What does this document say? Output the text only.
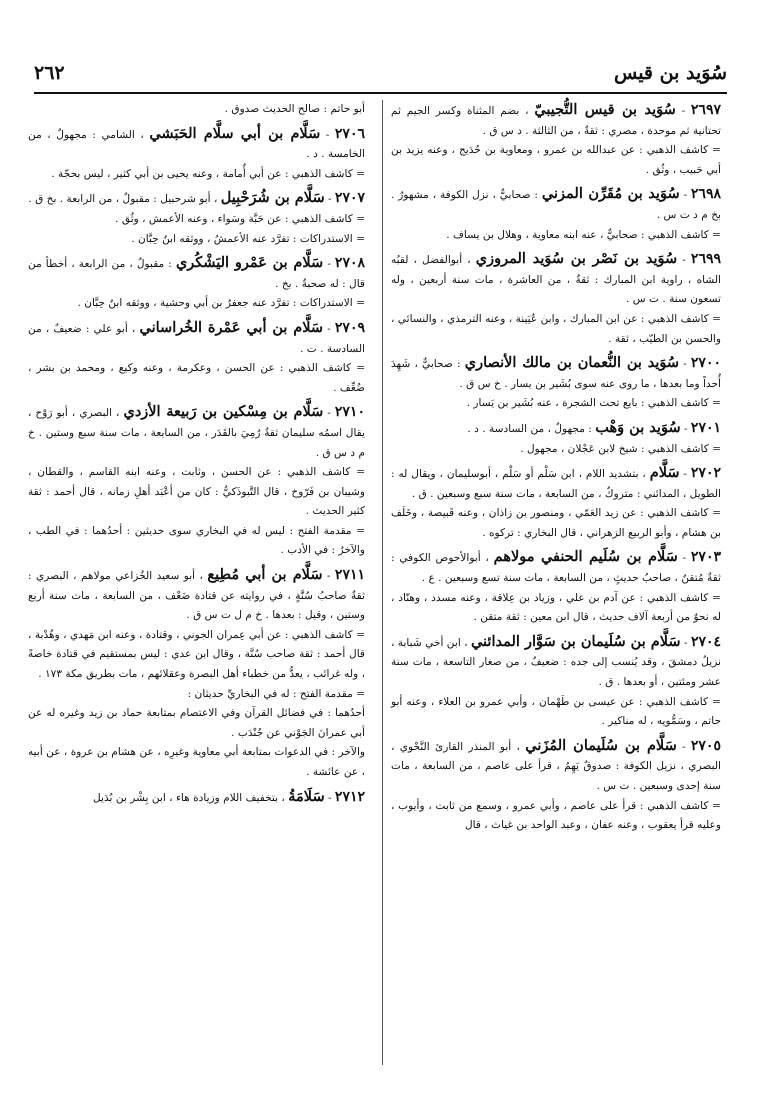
سُوَيد بن قيس
٢٦٢

٢٦٩٧ - سُوَيد بن قيس التُّجيبيّ ، بضم المثناة وكسر الجيم ثم تحتانية ثم موحدة ، مصري : ثقةٌ ، من الثالثة . د س ق .

= كاشف الذهبي : عن عبدالله بن عمرو ، ومعاوية بن حُدَيج ، وعنه يزيد بن أبي حَبيب ، وثُق .

٢٦٩٨ - سُوَيد بن مُقَرِّن المزني : صحابيٌّ ، نزل الكوفة ، مشهورٌ . بخ م د ت س .

= كاشف الذهبي : صحابيٌّ ، عنه ابنه معاوية ، وهلال بن يساف .

٢٦٩٩ - سُوَيد بن نَصْر بن سُوَيد المروزي ، أبوالفضل ، لقبُه الشاه ، راوية ابن المبارك : ثقةٌ ، من العاشرة ، مات سنة أربعين ، وله تسعون سنة . ت س .

= كاشف الذهبي : عن ابن المبارك ، وابن عُيَينة ، وعنه الترمذي ، والنسائي ، والحسن بن الطيّب ، ثقة .

٢٧٠٠ - سُوَيد بن النُّعمان بن مالك الأنصاري : صحابيٌّ ، شَهِدَ أُحداً وما بعدها ، ما روى عنه سوى بُشَير بن يسار . خ س ق .

= كاشف الذهبي : بايع تحت الشجرة ، عنه بُشَير بن يَسار .

٢٧٠١ - سُوَيد بن وَهْب : مجهولٌ ، من السادسة . د .

= كاشف الذهبي : شيخ لابن عَجْلان ، مجهول .

٢٧٠٢ - سَلَّام ، بتشديد اللام ، ابن سَلْم أو سَلْم ، أبوسليمان ، ويقال له : الطويل ، المدائني : متروكٌ ، من السابعة ، مات سنة سبع وسبعين . ق .

= كاشف الذهبي : عن زيد العَمّي ، ومنصور بن زاذان ، وعنه قَبيصة ، وخَلَف بن هشام ، وأبو الربيع الزهراني ، قال البخاري : تركوه .

٢٧٠٣ - سَلَّام بن سُلَيم الحنفي مولاهم ، أبوالأحوص الكوفي : ثقةٌ مُتقنٌ ، صاحبُ حديثٍ ، من السابعة ، مات سنة تسع وسبعين . ع .

= كاشف الذهبي : عن آدم بن علي ، وزياد بن عِلاقة ، وعنه مسدد ، وهنّاد ، له نحوٌ من أربعة آلاف حديث ، قال ابن معين : ثقة متقن .

٢٧٠٤ - سَلَّام بن سُلَيمان بن سَوَّار المدائني ، ابن أخي شَبابة ، نزيلُ دمشقَ ، وقد يُنسب إلى جده : ضعيفٌ ، من صغار التاسعة ، مات سنة عشر ومئتين ، أو بعدها . ق .

= كاشف الذهبي : عن عيسى بن طَهْمان ، وأبي عمرو بن العلاء ، وعنه أبو حاتم ، وسَمُّويه ، له مناكير .

٢٧٠٥ - سَلَّام بن سُلَيمان المُزَني ، أبو المنذر القارئ النَّحْوي ، البصري ، نزيل الكوفة : صدوقٌ يَهِمُ ، قرأ على عاصم ، من السابعة ، مات سنة إحدى وسبعين . ت س .

= كاشف الذهبي : قرأ على عاصم ، وأبي عمرو ، وسمع من ثابت ، وأيوب ، وعليه قرأ يعقوب ، وعنه عفان ، وعبد الواحد بن غياث ، قال

أبو حاتم : صالح الحديث صدوق .

٢٧٠٦ - سَلَّام بن أبي سلَّام الحَبَشي ، الشامي : مجهولٌ ، من الخامسة . د .

= كاشف الذهبي : عن أبي أُمامة ، وعنه يحيى بن أبي كثير ، ليس بحجّة .

٢٧٠٧ - سَلَّام بن شُرَحْبِيل ، أبو شرحبيل : مقبولٌ ، من الرابعة . بخ ق .

= كاشف الذهبي : عن حَبَّة وسَواء ، وعنه الأعمش ، وثُق .

= الاستدراكات : تفرَّد عنه الأعمشُ ، ووثقه ابنُ حِبَّان .

٢٧٠٨ - سَلَّام بن عَمْرو اليَشْكُري : مقبولٌ ، من الرابعة ، أخطأ من قال : له صحبةٌ . بخ .

= الاستدراكات : تفرَّد عنه جعفرُ بن أبي وحشية ، ووثقه ابنُ حِبَّان .

٢٧٠٩ - سَلَّام بن أبي عَمْرة الخُراساني ، أبو علي : ضعيفٌ ، من السادسة . ت .

= كاشف الذهبي : عن الحسن ، وعكرمة ، وعنه وكيع ، ومحمد بن بشر ، ضُعِّف .

٢٧١٠ - سَلَّام بن مِسْكين بن رَبيعة الأزدي ، البصري ، أبو رَوْح ، يقال اسمُه سليمان ثقةٌ رُمِيَ بالقَدَر ، من السابعة ، مات سنة سبع وستين . خ م د س ق .

= كاشف الذهبي : عن الحسن ، وثابت ، وعنه ابنه القاسم ، والقطان ، وشيبان بن فَرّوخ ، قال التَّبوذَكيُّ : كان من أعْبَد أهلِ زمانه ، قال أحمد : ثقة كثير الحديث .

= مقدمة الفتح : ليس له في البخاري سوى حديثين : أحدُهما : في الطب ، والآخرُ : في الأدب .

٢٧١١ - سَلَّام بن أبي مُطِيع ، أبو سعيد الخُزاعي مولاهم ، البصري : ثقةٌ صاحبُ سُنَّةٍ ، في روايته عن قتادة ضَعْف ، من السابعة ، مات سنة أربع وستين ، وقيل : بعدها . خ م ل ت س ق .

= كاشف الذهبي : عن أبي عِمران الجوني ، وقتادة ، وعنه ابن مَهدي ، وهُدْبة ، قال أحمد : ثقة صاحب سُنَّة ، وقال ابن عدي : ليس بمستقيم في قتادة خاصةً ، وله غرائب ، يعدُّ من خطباء أهل البصرة وعقلائهم ، مات بطريق مكة ١٧٣ .

= مقدمة الفتح : له في البخاريِّ حديثان :

أحدُهما : في فضائل القرآن وفي الاعتصام بمتابعة حماد بن زيد وغيره له عن أبي عمرانَ الجَوْني عن جُنْدَب .

والآخر : في الدعوات بمتابعة أبي معاوية وغيرِه ، عن هشام بن عروة ، عن أبيه ، عن عائشة .

٢٧١٢ - سَلَامَةُ ، بتخفيف اللام وزيادة هاء ، ابن بِشْر بن بُدَيل
